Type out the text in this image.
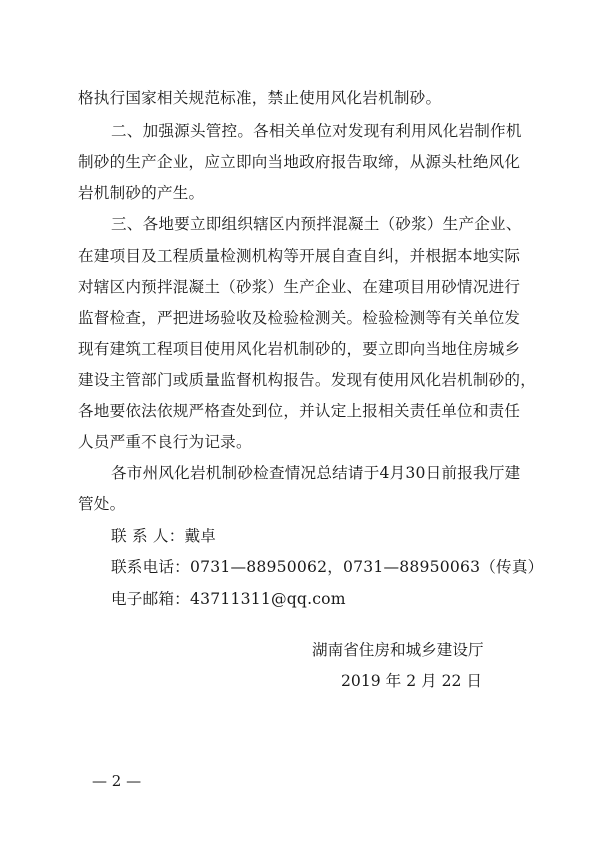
格执行国家相关规范标准，禁止使用风化岩机制砂。
二、加强源头管控。各相关单位对发现有利用风化岩制作机
制砂的生产企业，应立即向当地政府报告取缔，从源头杜绝风化
岩机制砂的产生。
三、各地要立即组织辖区内预拌混凝土（砂浆）生产企业、
在建项目及工程质量检测机构等开展自查自纠，并根据本地实际
对辖区内预拌混凝土（砂浆）生产企业、在建项目用砂情况进行
监督检查，严把进场验收及检验检测关。检验检测等有关单位发
现有建筑工程项目使用风化岩机制砂的，要立即向当地住房城乡
建设主管部门或质量监督机构报告。发现有使用风化岩机制砂的，
各地要依法依规严格查处到位，并认定上报相关责任单位和责任
人员严重不良行为记录。
各市州风化岩机制砂检查情况总结请于4月30日前报我厅建
管处。
联 系 人：戴卓
联系电话：0731—88950062，0731—88950063（传真）
电子邮箱：43711311@qq.com
湖南省住房和城乡建设厅
2019 年 2 月 22 日
— 2 —
